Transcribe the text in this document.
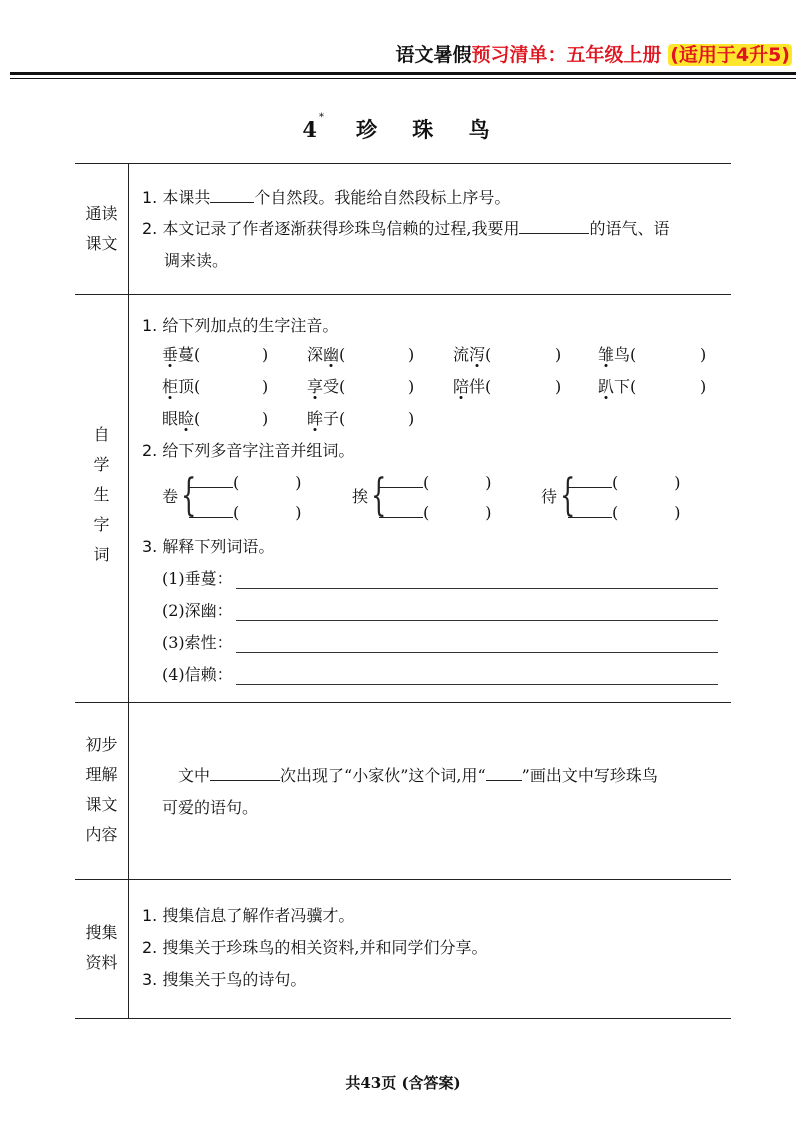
语文暑假预习清单：五年级上册 (适用于4升5)
4* 珍 珠 鸟
通读
课文
1. 本课共	个自然段。我能给自然段标上序号。
2. 本文记录了作者逐渐获得珍珠鸟信赖的过程,我要用	的语气、语
调来读。
自
学
生
字
词
1. 给下列加点的生字注音。
垂蔓(	) 深幽(	) 流泻(	) 雏鸟(	)
柜顶(	) 享受(	) 陪伴(	) 趴下(	)
眼睑(	) 眸子(	)
2. 给下列多音字注音并组词。
卷 {	(	)
(	)
挨 {	(	)
(	)
待 {	(	)
(	)
3. 解释下列词语。
(1)垂蔓：
(2)深幽：
(3)索性：
(4)信赖：
初步
理解
课文
内容
文中	次出现了“小家伙”这个词,用“ ”画出文中写珍珠鸟
可爱的语句。
搜集
资料
1. 搜集信息了解作者冯骥才。
2. 搜集关于珍珠鸟的相关资料,并和同学们分享。
3. 搜集关于鸟的诗句。
共43页 (含答案)
